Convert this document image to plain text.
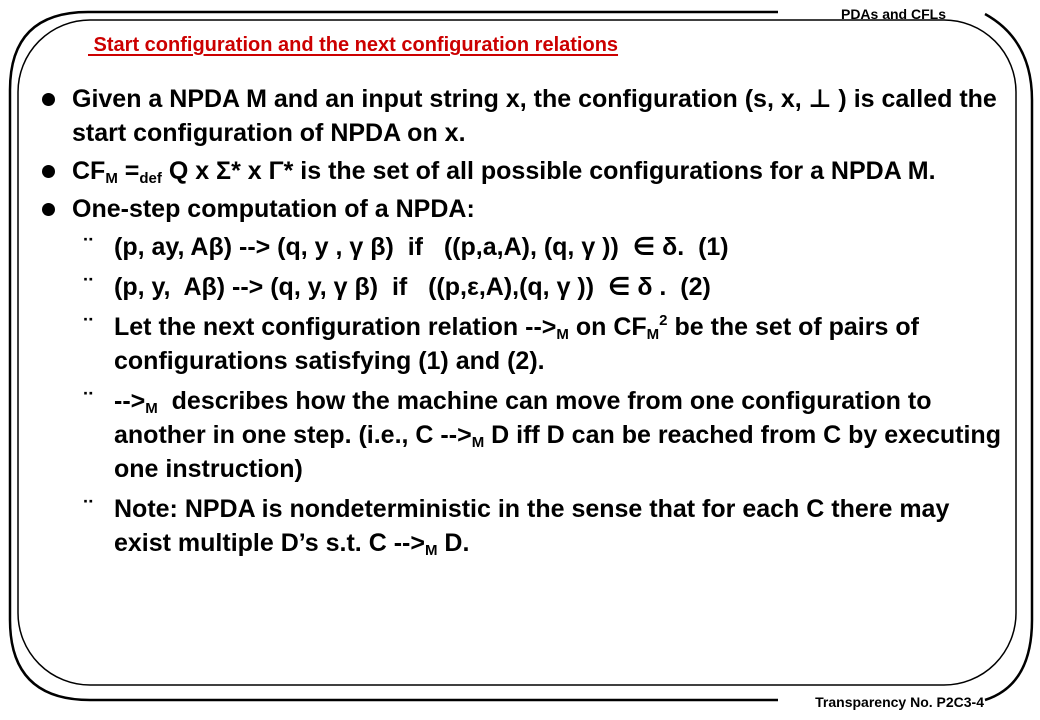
PDAs and CFLs
Transparency No. P2C3-4
Start configuration and the next configuration relations
Given a NPDA M and an input string x, the configuration (s, x, ⊥ ) is called the start configuration of NPDA on x.
$CF_M =_{def}$ Q x Σ* x Γ* is the set of all possible configurations for a NPDA M.
One-step computation of a NPDA:
¨ (p, ay, Aβ) --> (q, y , γ β)  if   ((p,a,A), (q, γ ))  ∈ δ.  (1)
¨ (p, y,  Aβ) --> (q, y, γ β)  if   ((p,ε,A),(q, γ ))  ∈ δ .  (2)
¨ Let the next configuration relation $-->_M$ on $CF_M^2$ be the set of pairs of configurations satisfying (1) and (2).
¨ $-->_M$  describes how the machine can move from one configuration to another in one step. (i.e., C $-->_M$ D iff D can be reached from C by executing one instruction)
¨ Note: NPDA is nondeterministic in the sense that for each C there may exist multiple D’s s.t. C $-->_M$ D.
